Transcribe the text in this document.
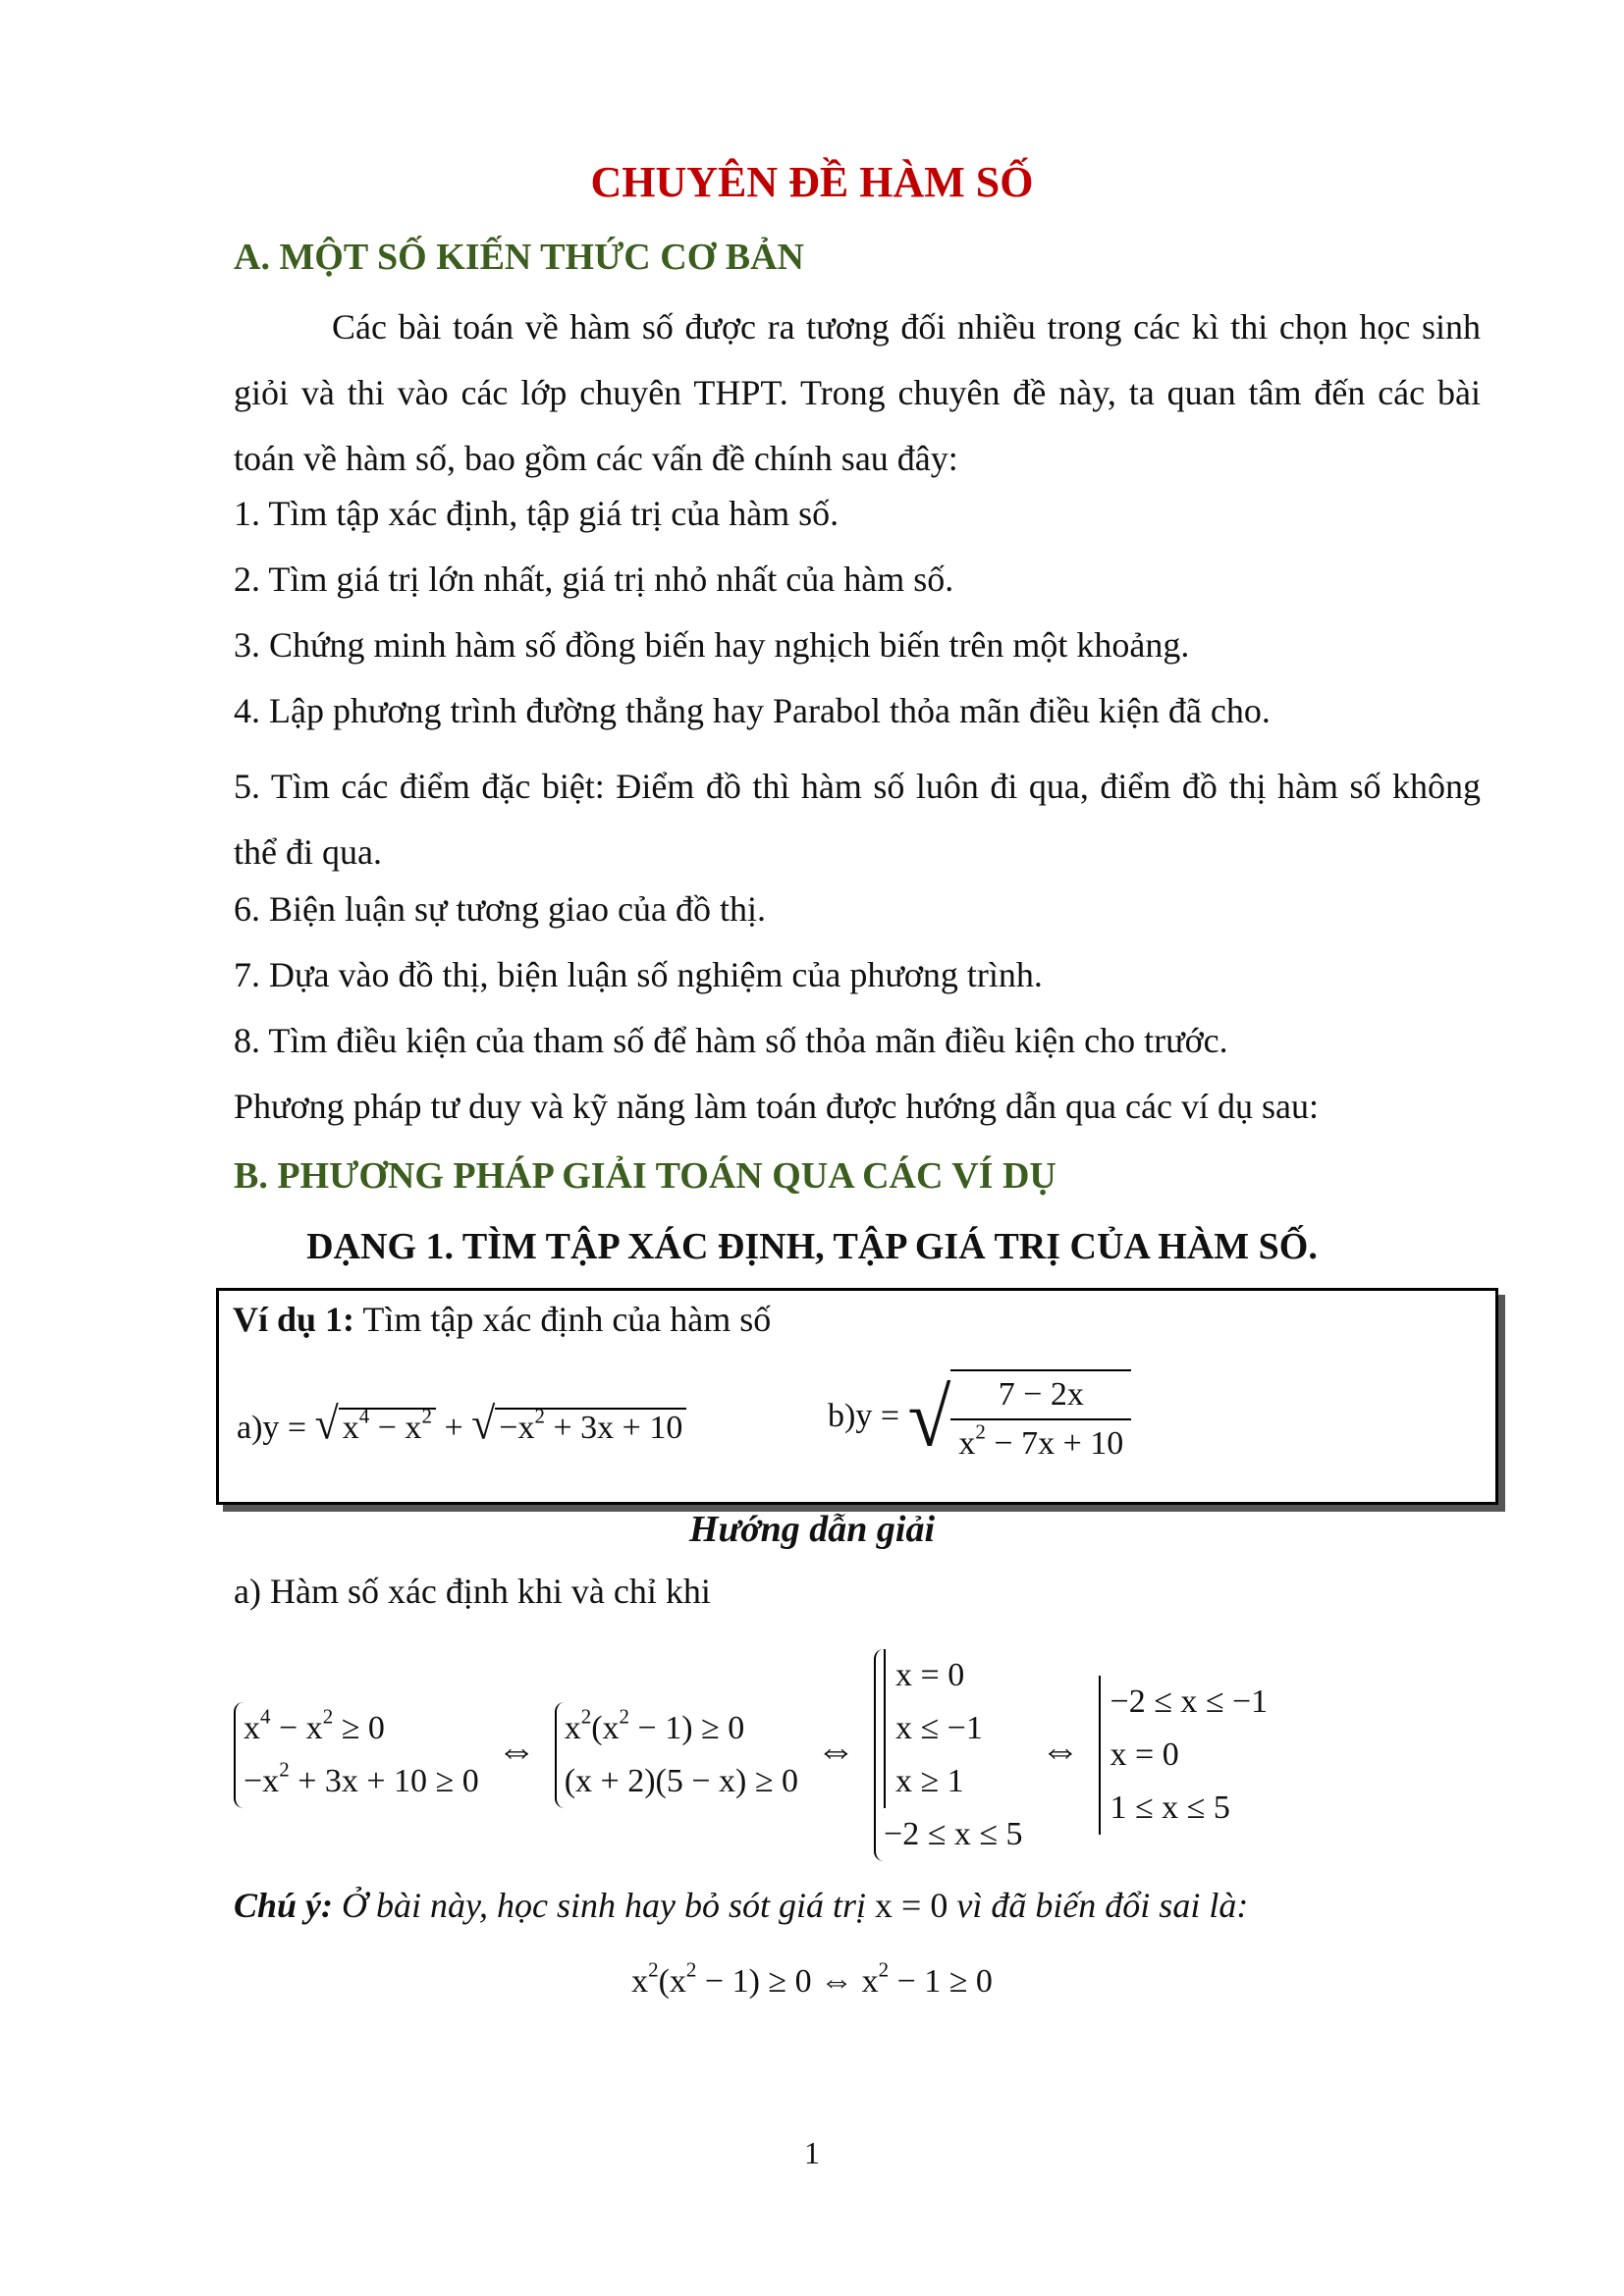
CHUYÊN ĐỀ HÀM SỐ
A. MỘT SỐ KIẾN THỨC CƠ BẢN
Các bài toán về hàm số được ra tương đối nhiều trong các kì thi chọn học sinh giỏi và thi vào các lớp chuyên THPT. Trong chuyên đề này, ta quan tâm đến các bài toán về hàm số, bao gồm các vấn đề chính sau đây:
1. Tìm tập xác định, tập giá trị của hàm số.
2. Tìm giá trị lớn nhất, giá trị nhỏ nhất của hàm số.
3. Chứng minh hàm số đồng biến hay nghịch biến trên một khoảng.
4. Lập phương trình đường thẳng hay Parabol thỏa mãn điều kiện đã cho.
5. Tìm các điểm đặc biệt: Điểm đồ thì hàm số luôn đi qua, điểm đồ thị hàm số không thể đi qua.
6. Biện luận sự tương giao của đồ thị.
7. Dựa vào đồ thị, biện luận số nghiệm của phương trình.
8. Tìm điều kiện của tham số để hàm số thỏa mãn điều kiện cho trước.
Phương pháp tư duy và kỹ năng làm toán được hướng dẫn qua các ví dụ sau:
B. PHƯƠNG PHÁP GIẢI TOÁN QUA CÁC VÍ DỤ
DẠNG 1. TÌM TẬP XÁC ĐỊNH, TẬP GIÁ TRỊ CỦA HÀM SỐ.
Ví dụ 1: Tìm tập xác định của hàm số
a)y = √ $x^4 - x^2$ + √ $-x^2 + 3x + 10$	b)y = √ $\frac{7 - 2x}{x^2 - 7x + 10}$
Hướng dẫn giải
a) Hàm số xác định khi và chỉ khi
$x^4 - x^2 \ge 0$
$-x^2 + 3x + 10 \ge 0$
⇔ $x^2(x^2 - 1) \ge 0$
(x + 2)(5 − x) ≥ 0
⇔
x = 0
x ≤ −1
x ≥ 1
−2 ≤ x ≤ 5
⇔
−2 ≤ x ≤ −1
x = 0
1 ≤ x ≤ 5
Chú ý: Ở bài này, học sinh hay bỏ sót giá trị x = 0 vì đã biến đổi sai là:
$x^2(x^2 - 1) \ge 0$ ⇔ $x^2 - 1 \ge 0$
1
